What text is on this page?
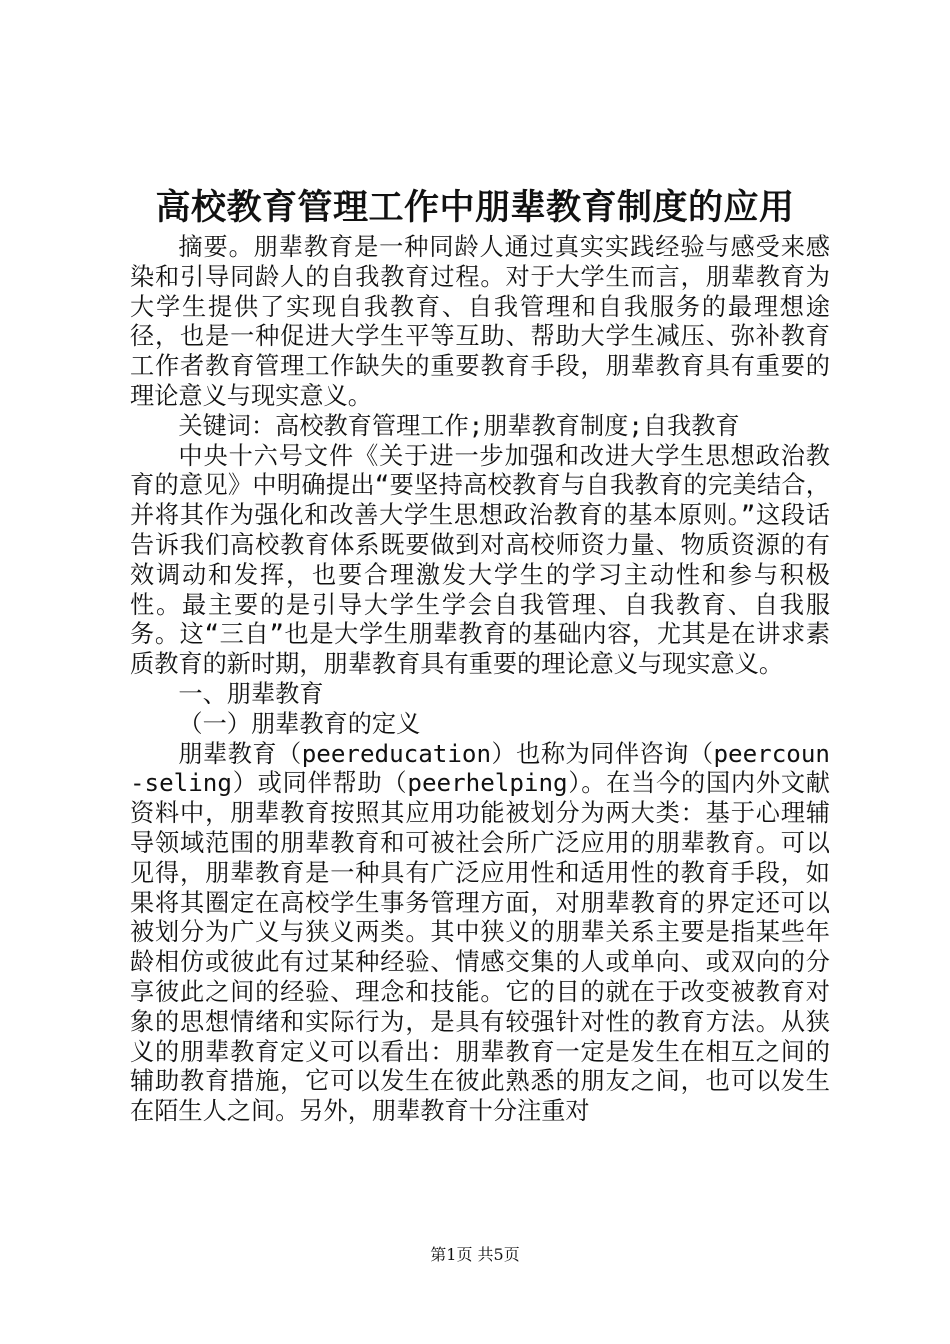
高校教育管理工作中朋辈教育制度的应用

摘要。朋辈教育是一种同龄人通过真实实践经验与感受来感染和引导同龄人的自我教育过程。对于大学生而言，朋辈教育为大学生提供了实现自我教育、自我管理和自我服务的最理想途径，也是一种促进大学生平等互助、帮助大学生减压、弥补教育工作者教育管理工作缺失的重要教育手段，朋辈教育具有重要的理论意义与现实意义。

关键词：高校教育管理工作;朋辈教育制度;自我教育

中央十六号文件《关于进一步加强和改进大学生思想政治教育的意见》中明确提出“要坚持高校教育与自我教育的完美结合，并将其作为强化和改善大学生思想政治教育的基本原则。”这段话告诉我们高校教育体系既要做到对高校师资力量、物质资源的有效调动和发挥，也要合理激发大学生的学习主动性和参与积极性。最主要的是引导大学生学会自我管理、自我教育、自我服务。这“三自”也是大学生朋辈教育的基础内容，尤其是在讲求素质教育的新时期，朋辈教育具有重要的理论意义与现实意义。

一、朋辈教育

（一）朋辈教育的定义

朋辈教育（peereducation）也称为同伴咨询（peercoun-seling）或同伴帮助（peerhelping）。在当今的国内外文献资料中，朋辈教育按照其应用功能被划分为两大类：基于心理辅导领域范围的朋辈教育和可被社会所广泛应用的朋辈教育。可以见得，朋辈教育是一种具有广泛应用性和适用性的教育手段，如果将其圈定在高校学生事务管理方面，对朋辈教育的界定还可以被划分为广义与狭义两类。其中狭义的朋辈关系主要是指某些年龄相仿或彼此有过某种经验、情感交集的人或单向、或双向的分享彼此之间的经验、理念和技能。它的目的就在于改变被教育对象的思想情绪和实际行为，是具有较强针对性的教育方法。从狭义的朋辈教育定义可以看出：朋辈教育一定是发生在相互之间的辅助教育措施，它可以发生在彼此熟悉的朋友之间，也可以发生在陌生人之间。另外，朋辈教育十分注重对

第1页 共5页
